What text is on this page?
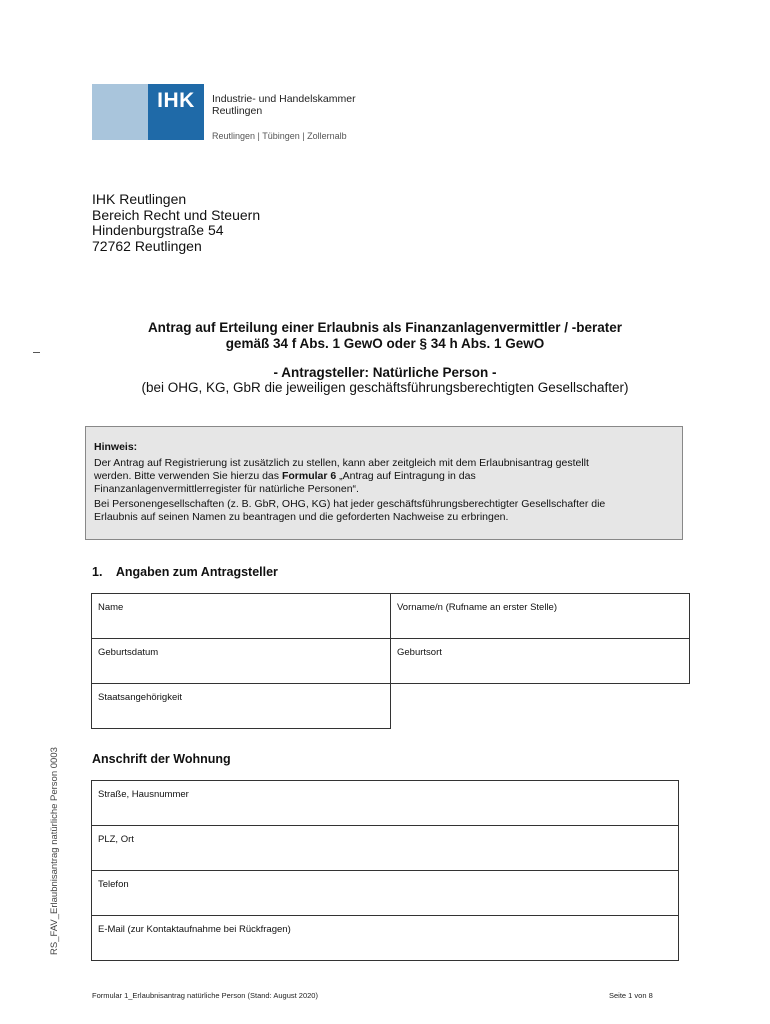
IHK	Industrie- und Handelskammer
Reutlingen
Reutlingen | Tübingen | Zollernalb
IHK Reutlingen
Bereich Recht und Steuern
Hindenburgstraße 54
72762 Reutlingen
Antrag auf Erteilung einer Erlaubnis als Finanzanlagenvermittler / -berater
gemäß 34 f Abs. 1 GewO oder § 34 h Abs. 1 GewO
- Antragsteller: Natürliche Person -
(bei OHG, KG, GbR die jeweiligen geschäftsführungsberechtigten Gesellschafter)
Hinweis:

Der Antrag auf Registrierung ist zusätzlich zu stellen, kann aber zeitgleich mit dem Erlaubnisantrag gestellt
werden. Bitte verwenden Sie hierzu das Formular 6 „Antrag auf Eintragung in das
Finanzanlagenvermittlerregister für natürliche Personen“.

Bei Personengesellschaften (z. B. GbR, OHG, KG) hat jeder geschäftsführungsberechtigter Gesellschafter die
Erlaubnis auf seinen Namen zu beantragen und die geforderten Nachweise zu erbringen.

1.    Angaben zum Antragsteller
Name	Vorname/n (Rufname an erster Stelle)
Geburtsdatum	Geburtsort
Staatsangehörigkeit
Anschrift der Wohnung
Straße, Hausnummer
PLZ, Ort
Telefon
E-Mail (zur Kontaktaufnahme bei Rückfragen)
RS_FAV_Erlaubnisantrag natürliche Person 0003
Formular 1_Erlaubnisantrag natürliche Person (Stand: August 2020)	Seite 1 von 8
